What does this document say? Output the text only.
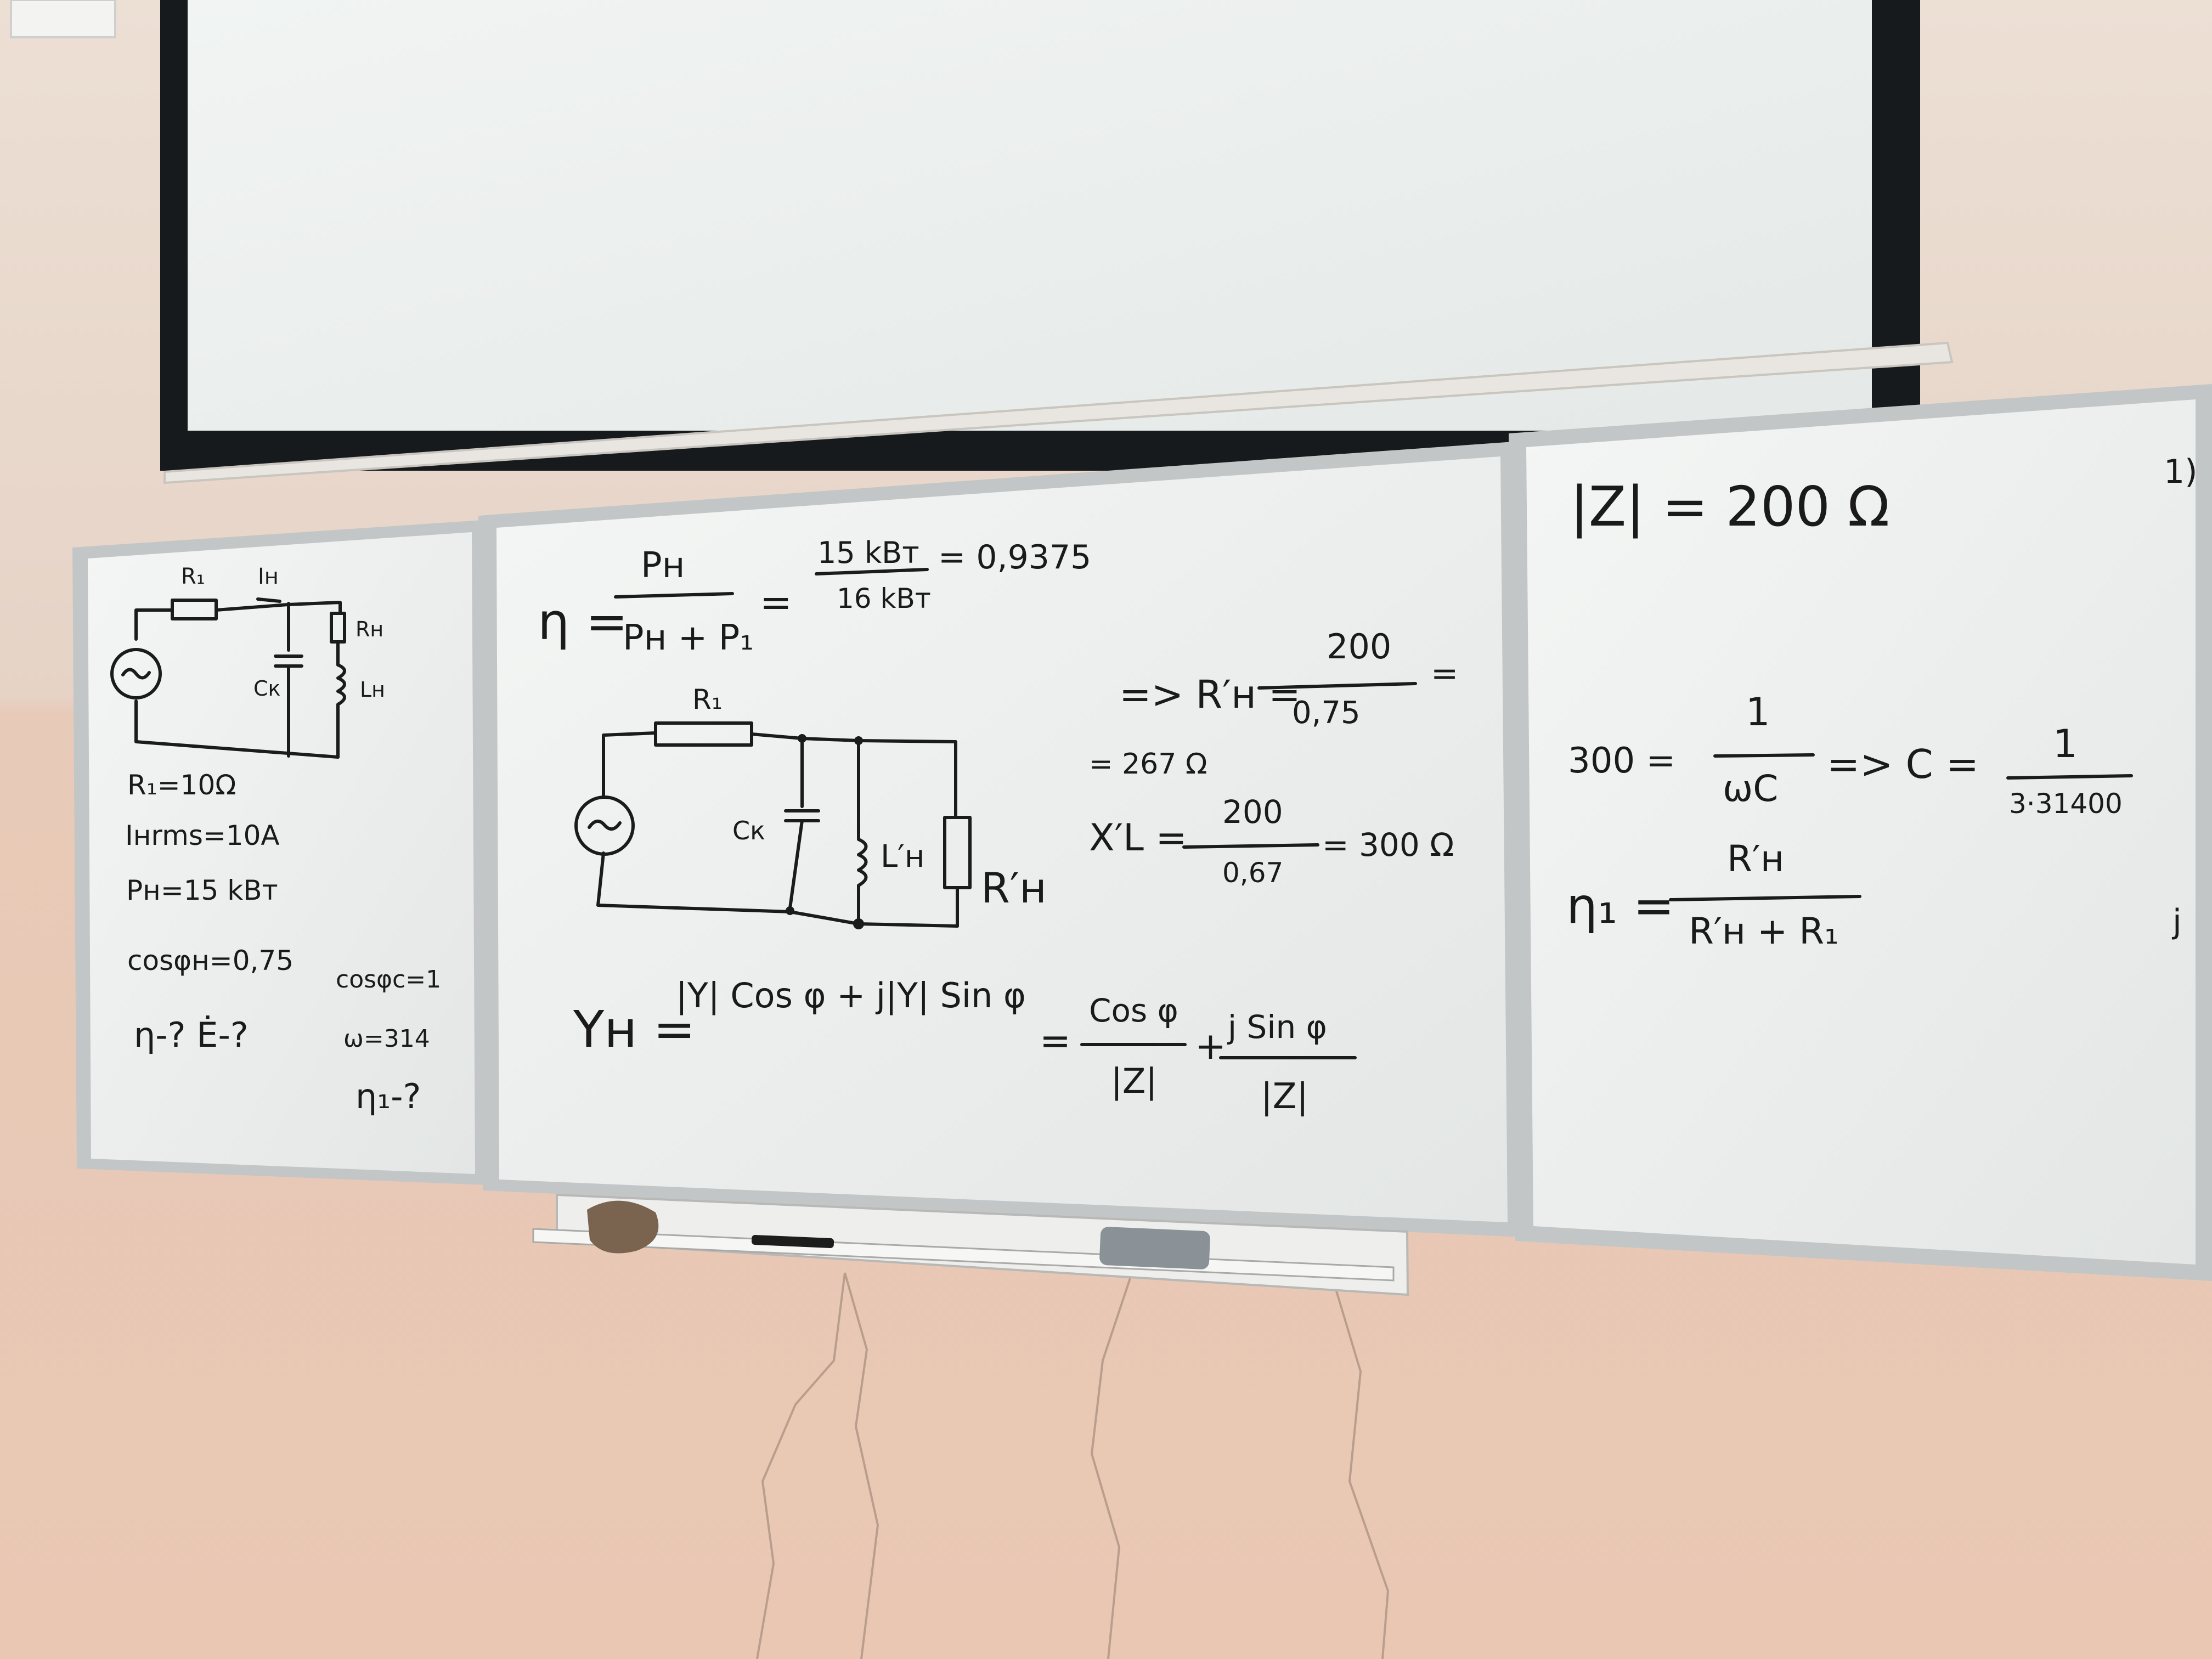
R₁ Iн
Rн
Cк	Lн
R₁=10Ω
Iнrms=10A
Pн=15 kBт
cosφн=0,75
cosφc=1
ω=314
η-? Ė-?
η₁-?
η =
Pн
Pн + P₁
=
15 kBт
16 kBт
= 0,9375
R₁
Cк
L′н
R′н
=> R′н =
200
0,75
=
= 267 Ω
X′L =
200
0,67
= 300 Ω
Yн =
|Y| Cos φ + j|Y| Sin φ
=
Cos φ
|Z|
+ j Sin φ
|Z|
|Z| = 200 Ω
1)
300 =
1
ωC
=> C = 1
3·31400
η₁ =
R′н
R′н + R₁	j
